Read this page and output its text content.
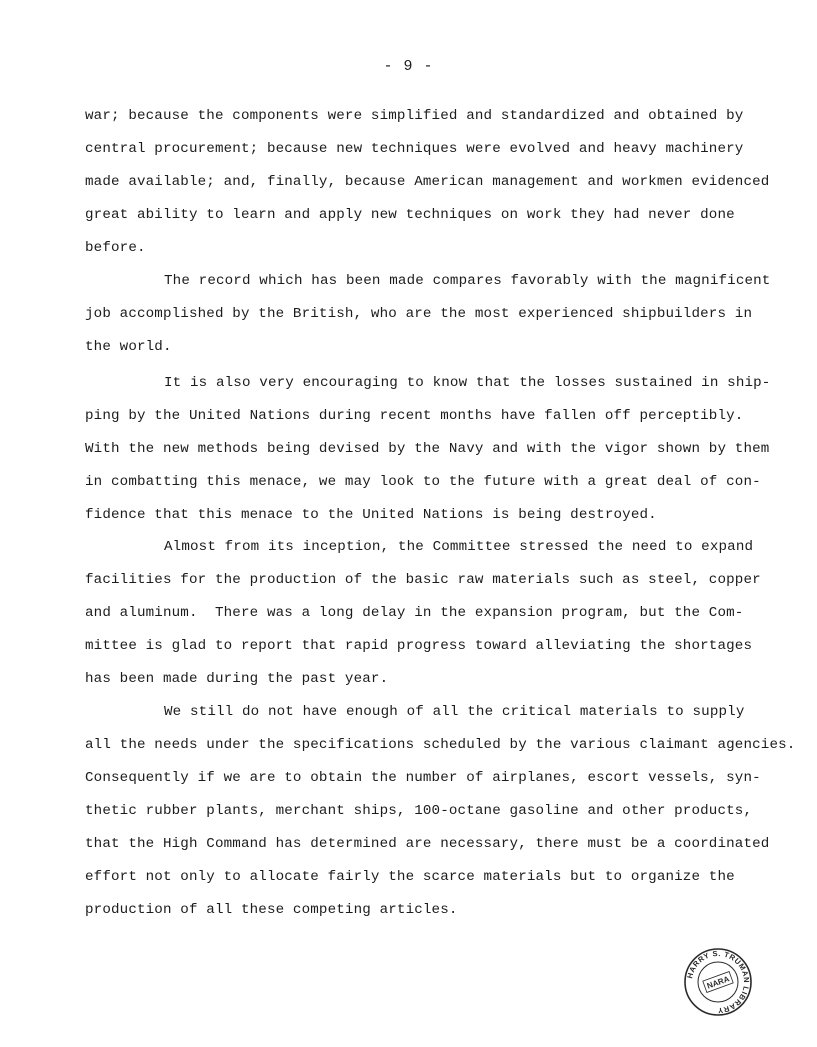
- 9 -
war; because the components were simplified and standardized and obtained by
central procurement; because new techniques were evolved and heavy machinery
made available; and, finally, because American management and workmen evidenced
great ability to learn and apply new techniques on work they had never done
before.
The record which has been made compares favorably with the magnificent
job accomplished by the British, who are the most experienced shipbuilders in
the world.
It is also very encouraging to know that the losses sustained in ship-
ping by the United Nations during recent months have fallen off perceptibly.
With the new methods being devised by the Navy and with the vigor shown by them
in combatting this menace, we may look to the future with a great deal of con-
fidence that this menace to the United Nations is being destroyed.
Almost from its inception, the Committee stressed the need to expand
facilities for the production of the basic raw materials such as steel, copper
and aluminum.  There was a long delay in the expansion program, but the Com-
mittee is glad to report that rapid progress toward alleviating the shortages
has been made during the past year.
We still do not have enough of all the critical materials to supply
all the needs under the specifications scheduled by the various claimant agencies.
Consequently if we are to obtain the number of airplanes, escort vessels, syn-
thetic rubber plants, merchant ships, 100-octane gasoline and other products,
that the High Command has determined are necessary, there must be a coordinated
effort not only to allocate fairly the scarce materials but to organize the
production of all these competing articles.
HARRY S. TRUMAN LIBRARY
NARA
